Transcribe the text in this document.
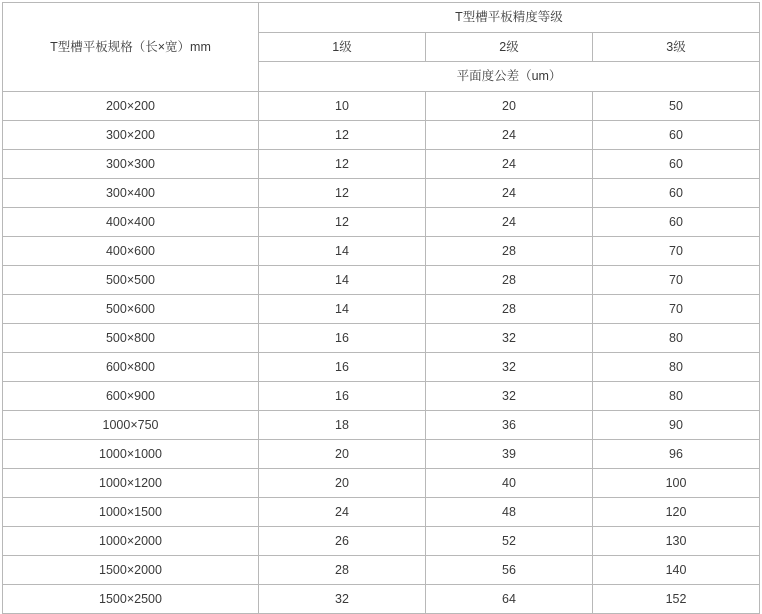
T型槽平板规格（长×宽）mm	T型槽平板精度等级		
	1级	2级	3级
	平面度公差（um）		
200×200	10	20	50
300×200	12	24	60
300×300	12	24	60
300×400	12	24	60
400×400	12	24	60
400×600	14	28	70
500×500	14	28	70
500×600	14	28	70
500×800	16	32	80
600×800	16	32	80
600×900	16	32	80
1000×750	18	36	90
1000×1000	20	39	96
1000×1200	20	40	100
1000×1500	24	48	120
1000×2000	26	52	130
1500×2000	28	56	140
1500×2500	32	64	152
